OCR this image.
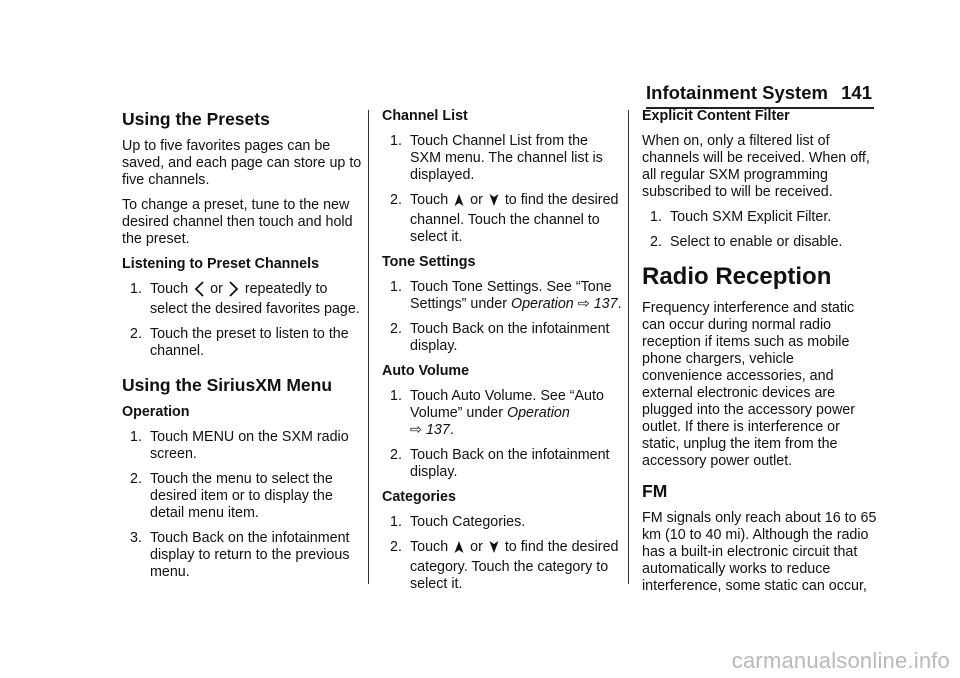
Infotainment System 141
Using the Presets

Up to five favorites pages can be saved, and each page can store up to five channels.

To change a preset, tune to the new desired channel then touch and hold the preset.

Listening to Preset Channels
1. Touch or repeatedly to select the desired favorites page.
2. Touch the preset to listen to the channel.
Using the SiriusXM Menu
Operation
1. Touch MENU on the SXM radio screen.
2. Touch the menu to select the desired item or to display the detail menu item.
3. Touch Back on the infotainment display to return to the previous menu.
Channel List
1. Touch Channel List from the SXM menu. The channel list is displayed.
2. Touch or to find the desired channel. Touch the channel to select it.
Tone Settings
1. Touch Tone Settings. See “Tone Settings” under Operation ⇨ 137.
2. Touch Back on the infotainment display.
Auto Volume
1. Touch Auto Volume. See “Auto Volume” under Operation
⇨ 137.
2. Touch Back on the infotainment display.
Categories
1. Touch Categories.
2. Touch or to find the desired category. Touch the category to select it.
Explicit Content Filter

When on, only a filtered list of channels will be received. When off, all regular SXM programming subscribed to will be received.

1. Touch SXM Explicit Filter.
2. Select to enable or disable.
Radio Reception

Frequency interference and static can occur during normal radio reception if items such as mobile phone chargers, vehicle convenience accessories, and external electronic devices are plugged into the accessory power outlet. If there is interference or static, unplug the item from the accessory power outlet.

FM

FM signals only reach about 16 to 65 km (10 to 40 mi). Although the radio has a built-in electronic circuit that automatically works to reduce interference, some static can occur,

carmanualsonline.info
